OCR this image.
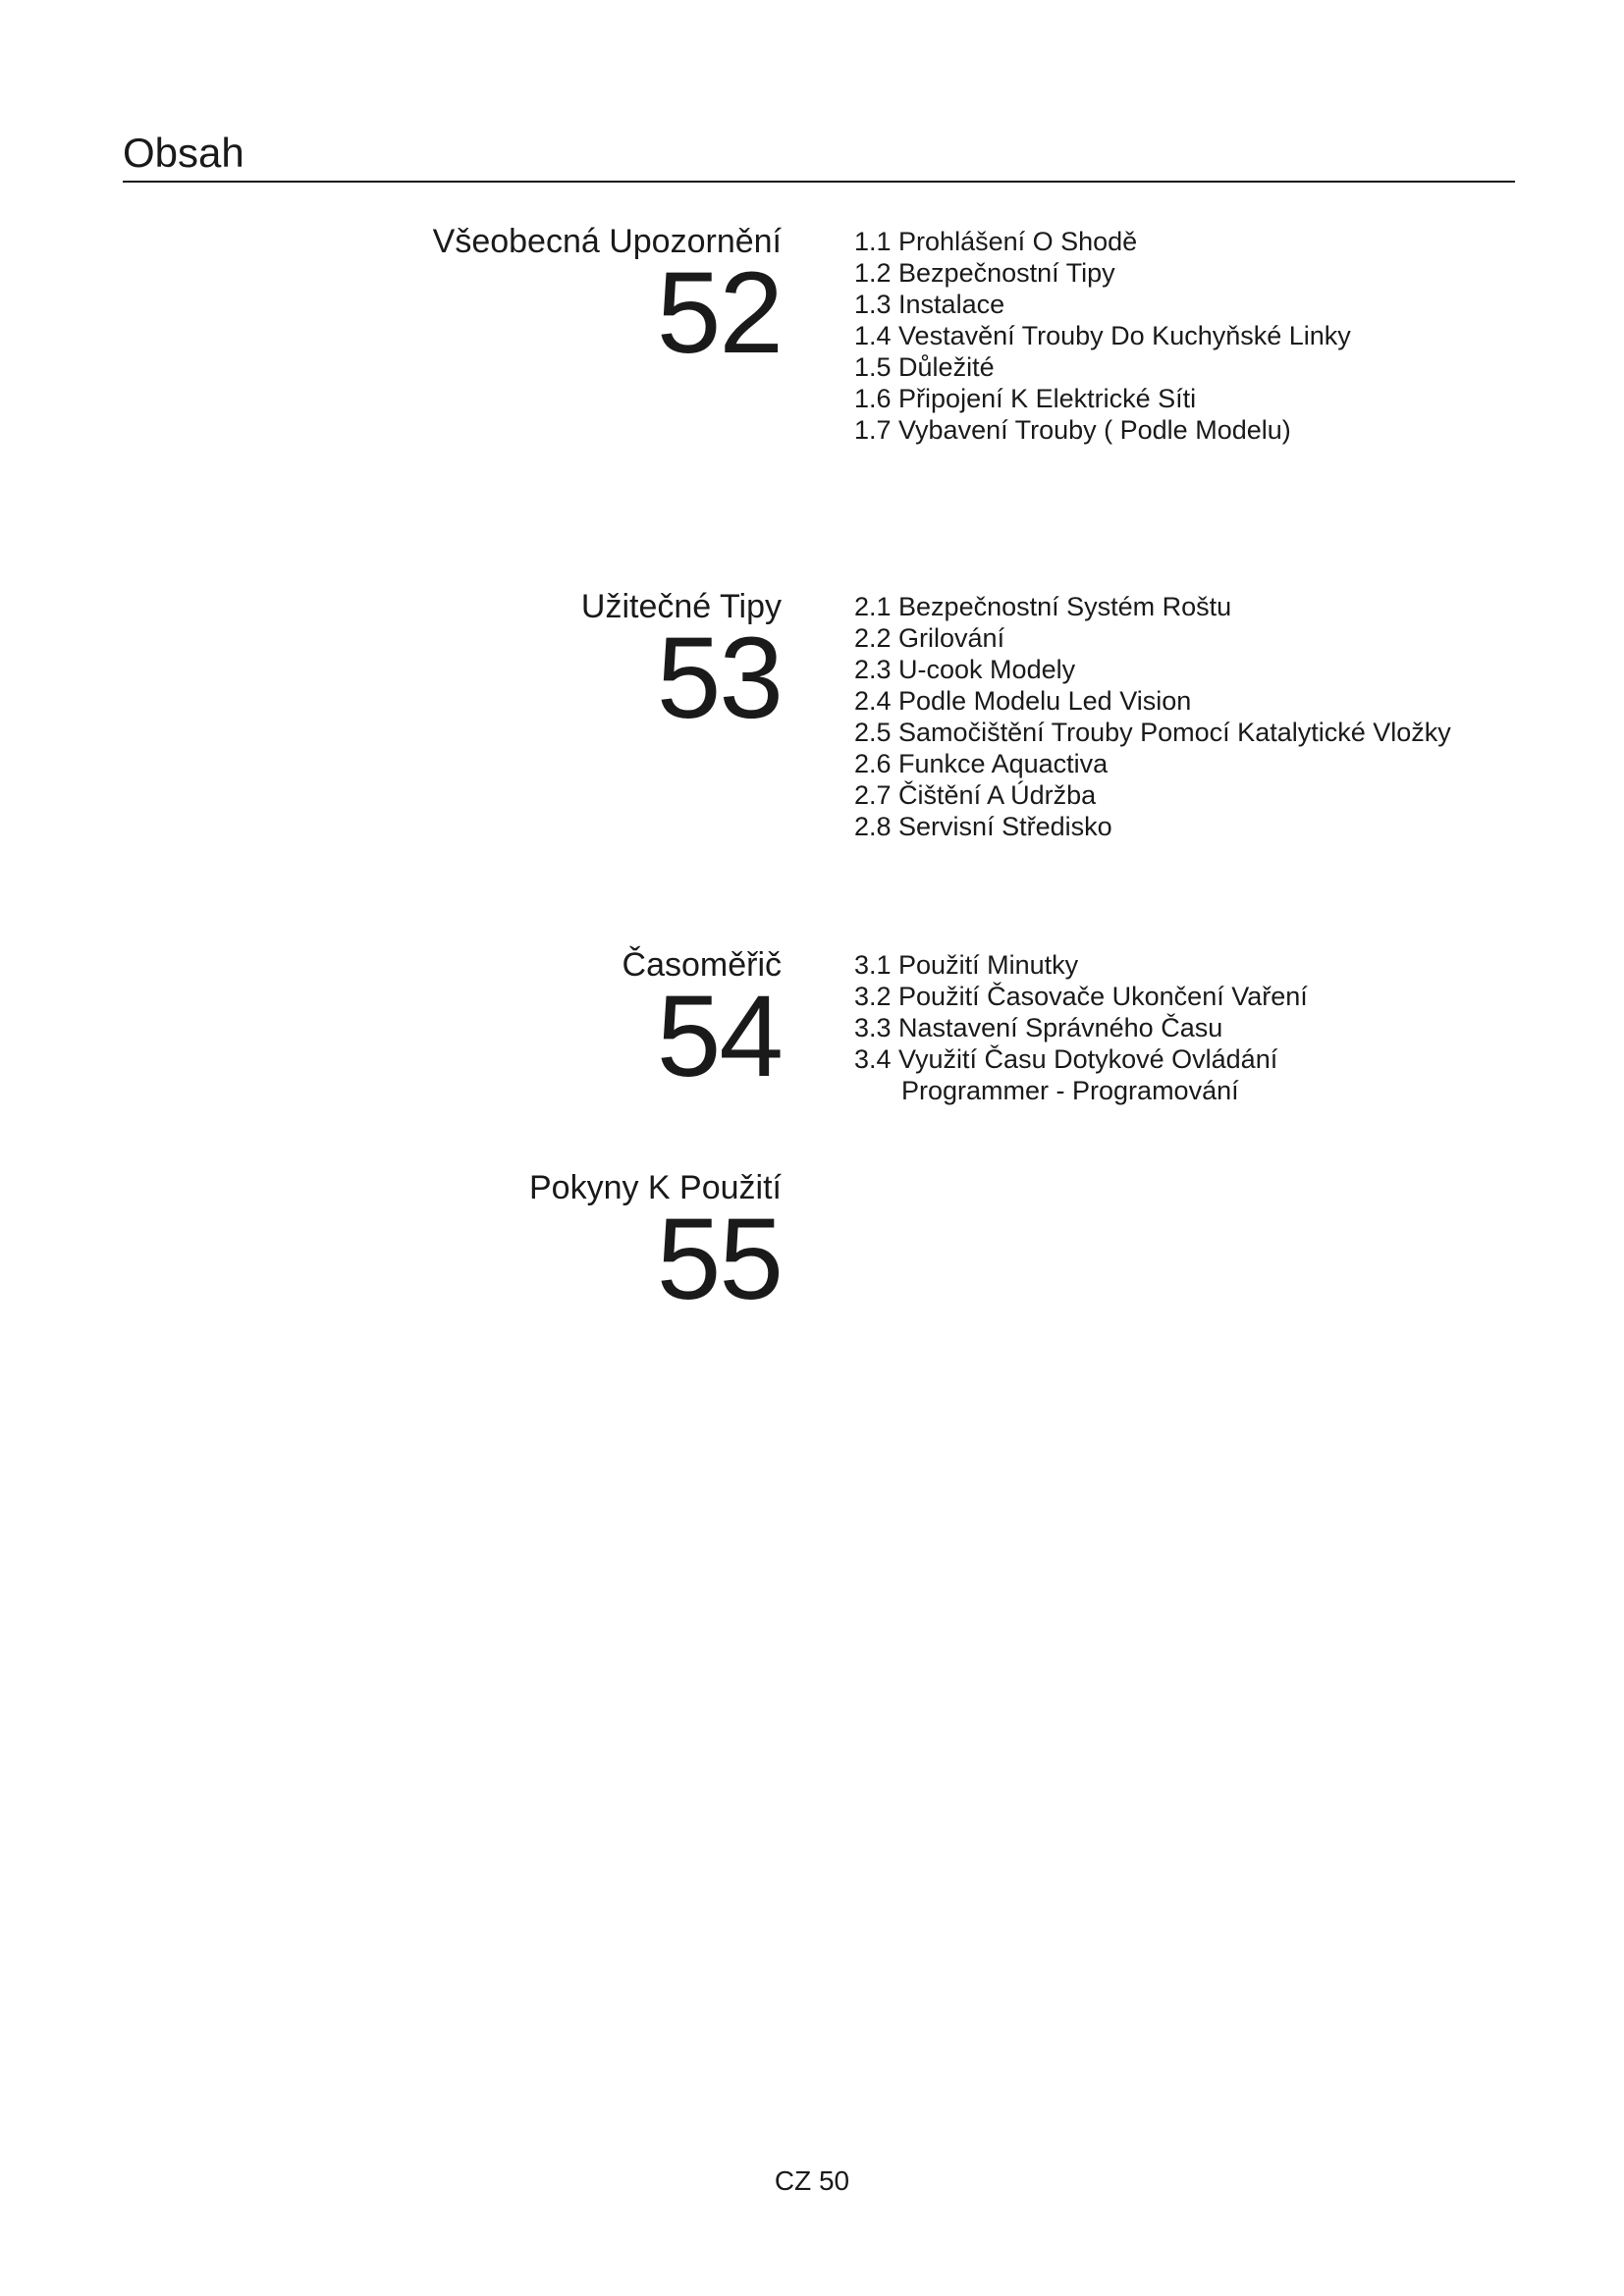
Obsah
Všeobecná Upozornění
52
1.1 Prohlášení O Shodě
1.2 Bezpečnostní Tipy
1.3 Instalace
1.4 Vestavění Trouby Do Kuchyňské Linky
1.5 Důležité
1.6 Připojení K Elektrické Síti
1.7 Vybavení Trouby ( Podle Modelu)
Užitečné Tipy
53
2.1 Bezpečnostní Systém Roštu
2.2 Grilování
2.3 U-cook Modely
2.4 Podle Modelu Led Vision
2.5 Samočištění Trouby Pomocí Katalytické Vložky
2.6 Funkce Aquactiva
2.7 Čištění A Údržba
2.8 Servisní Středisko
Časoměřič
54
3.1 Použití Minutky
3.2 Použití Časovače Ukončení Vaření
3.3 Nastavení Správného Času
3.4 Využití Času Dotykové Ovládání
Programmer - Programování
Pokyny K Použití
55
CZ 50
